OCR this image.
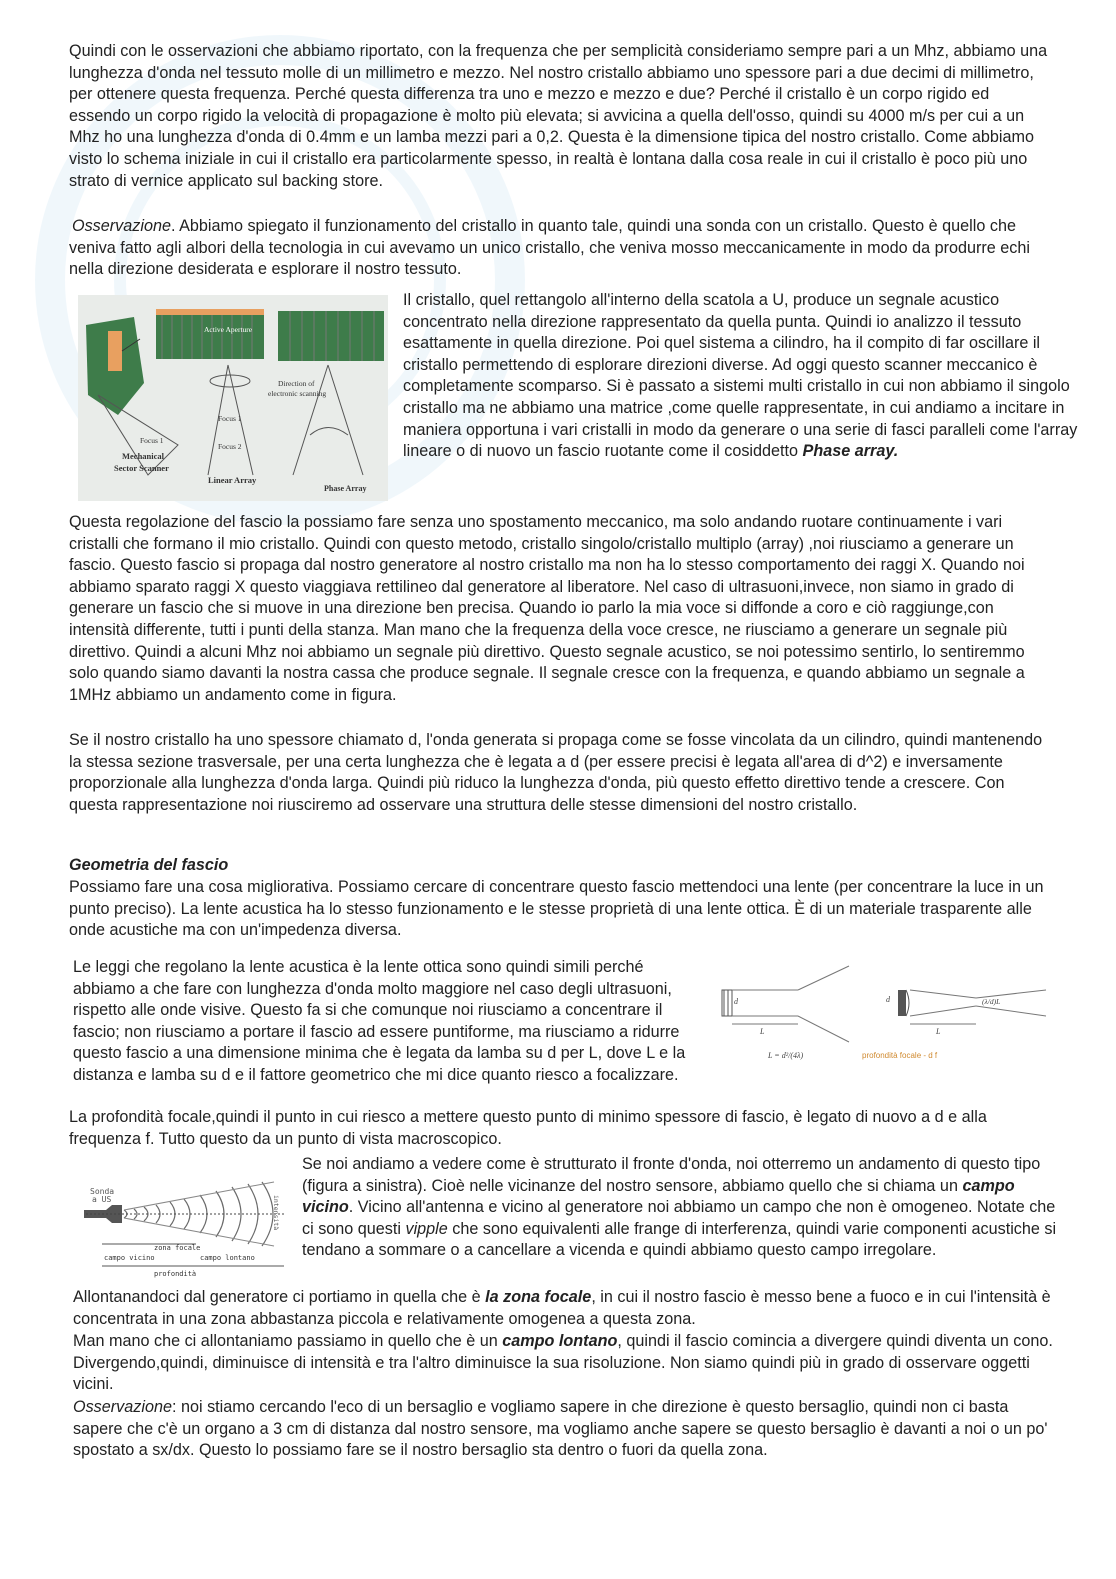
Quindi con le osservazioni che abbiamo riportato, con la frequenza che per semplicità consideriamo sempre pari a un Mhz, abbiamo una lunghezza d'onda nel tessuto molle di un millimetro e mezzo. Nel nostro cristallo abbiamo uno spessore pari a due decimi di millimetro, per ottenere questa frequenza. Perché questa differenza tra uno e mezzo e mezzo e due? Perché il cristallo è un corpo rigido ed essendo un corpo rigido la velocità di propagazione è molto più elevata; si avvicina a quella dell'osso, quindi su 4000 m/s per cui a un Mhz ho una lunghezza d'onda di 0.4mm e un lamba mezzi pari a 0,2. Questa è la dimensione tipica del nostro cristallo. Come abbiamo visto lo schema iniziale in cui il cristallo era particolarmente spesso, in realtà è lontana dalla cosa reale in cui il cristallo è poco più uno strato di vernice applicato sul backing store.

Osservazione. Abbiamo spiegato il funzionamento del cristallo in quanto tale, quindi una sonda con un cristallo. Questo è quello che veniva fatto agli albori della tecnologia in cui avevamo un unico cristallo, che veniva mosso meccanicamente in modo da produrre echi nella direzione desiderata e esplorare il nostro tessuto.

Active Aperture
Direction of
electronic scanning
Focus 1
Focus 2
Focus 1
Mechanical
Sector Scanner
Linear Array
Phase Array

Il cristallo, quel rettangolo all'interno della scatola a U, produce un segnale acustico concentrato nella direzione rappresentato da quella punta. Quindi io analizzo il tessuto esattamente in quella direzione. Poi quel sistema a cilindro, ha il compito di far oscillare il cristallo permettendo di esplorare direzioni diverse. Ad oggi questo scanner meccanico è completamente scomparso. Si è passato a sistemi multi cristallo in cui non abbiamo il singolo cristallo ma ne abbiamo una matrice ,come quelle rappresentate, in cui andiamo a incitare in maniera opportuna i vari cristalli in modo da generare o una serie di fasci paralleli come l'array lineare o di nuovo un fascio ruotante come il cosiddetto Phase array.

Questa regolazione del fascio la possiamo fare senza uno spostamento meccanico, ma solo andando ruotare continuamente i vari cristalli che formano il mio cristallo. Quindi con questo metodo, cristallo singolo/cristallo multiplo (array) ,noi riusciamo a generare un fascio. Questo fascio si propaga dal nostro generatore al nostro cristallo ma non ha lo stesso comportamento dei raggi X. Quando noi abbiamo sparato raggi X questo viaggiava rettilineo dal generatore al liberatore. Nel caso di ultrasuoni,invece, non siamo in grado di generare un fascio che si muove in una direzione ben precisa. Quando io parlo la mia voce si diffonde a coro e ciò raggiunge,con intensità differente, tutti i punti della stanza. Man mano che la frequenza della voce cresce, ne riusciamo a generare un segnale più direttivo. Quindi a alcuni Mhz noi abbiamo un segnale più direttivo. Questo segnale acustico, se noi potessimo sentirlo, lo sentiremmo solo quando siamo davanti la nostra cassa che produce segnale. Il segnale cresce con la frequenza, e quando abbiamo un segnale a 1MHz abbiamo un andamento come in figura.

Se il nostro cristallo ha uno spessore chiamato d, l'onda generata si propaga come se fosse vincolata da un cilindro, quindi mantenendo la stessa sezione trasversale, per una certa lunghezza che è legata a d (per essere precisi è legata all'area di d^2) e inversamente proporzionale alla lunghezza d'onda larga. Quindi più riduco la lunghezza d'onda, più questo effetto direttivo tende a crescere. Con questa rappresentazione noi riusciremo ad osservare una struttura delle stesse dimensioni del nostro cristallo.

Geometria del fascio

Possiamo fare una cosa migliorativa. Possiamo cercare di concentrare questo fascio mettendoci una lente (per concentrare la luce in un punto preciso). La lente acustica ha lo stesso funzionamento e le stesse proprietà di una lente ottica. È di un materiale trasparente alle onde acustiche ma con un'impedenza diversa.

Le leggi che regolano la lente acustica è la lente ottica sono quindi simili perché abbiamo a che fare con lunghezza d'onda molto maggiore nel caso degli ultrasuoni, rispetto alle onde visive. Questo fa si che comunque noi riusciamo a concentrare il fascio; non riusciamo a portare il fascio ad essere puntiforme, ma riusciamo a ridurre questo fascio a una dimensione minima che è legata da lamba su d per L, dove L e la distanza e lamba su d e il fattore geometrico che mi dice quanto riesco a focalizzare.

d
L
L = d²/(4λ)
d	(λ/d)L
L
profondità focale - d f

La profondità focale,quindi il punto in cui riesco a mettere questo punto di minimo spessore di fascio, è legato di nuovo a d e alla frequenza f. Tutto questo da un punto di vista macroscopico.

Sonda
a US	intensità
zona focale
campo vicino	campo lontano
profondità

Se noi andiamo a vedere come è strutturato il fronte d'onda, noi otterremo un andamento di questo tipo (figura a sinistra). Cioè nelle vicinanze del nostro sensore, abbiamo quello che si chiama un campo vicino. Vicino all'antenna e vicino al generatore noi abbiamo un campo che non è omogeneo. Notate che ci sono questi vipple che sono equivalenti alle frange di interferenza, quindi varie componenti acustiche si tendano a sommare o a cancellare a vicenda e quindi abbiamo questo campo irregolare.

Allontanandoci dal generatore ci portiamo in quella che è la zona focale, in cui il nostro fascio è messo bene a fuoco e in cui l'intensità è concentrata in una zona abbastanza piccola e relativamente omogenea a questa zona.

Man mano che ci allontaniamo passiamo in quello che è un campo lontano, quindi il fascio comincia a divergere quindi diventa un cono. Divergendo,quindi, diminuisce di intensità e tra l'altro diminuisce la sua risoluzione. Non siamo quindi più in grado di osservare oggetti vicini.

Osservazione: noi stiamo cercando l'eco di un bersaglio e vogliamo sapere in che direzione è questo bersaglio, quindi non ci basta sapere che c'è un organo a 3 cm di distanza dal nostro sensore, ma vogliamo anche sapere se questo bersaglio è davanti a noi o un po' spostato a sx/dx. Questo lo possiamo fare se il nostro bersaglio sta dentro o fuori da quella zona.
